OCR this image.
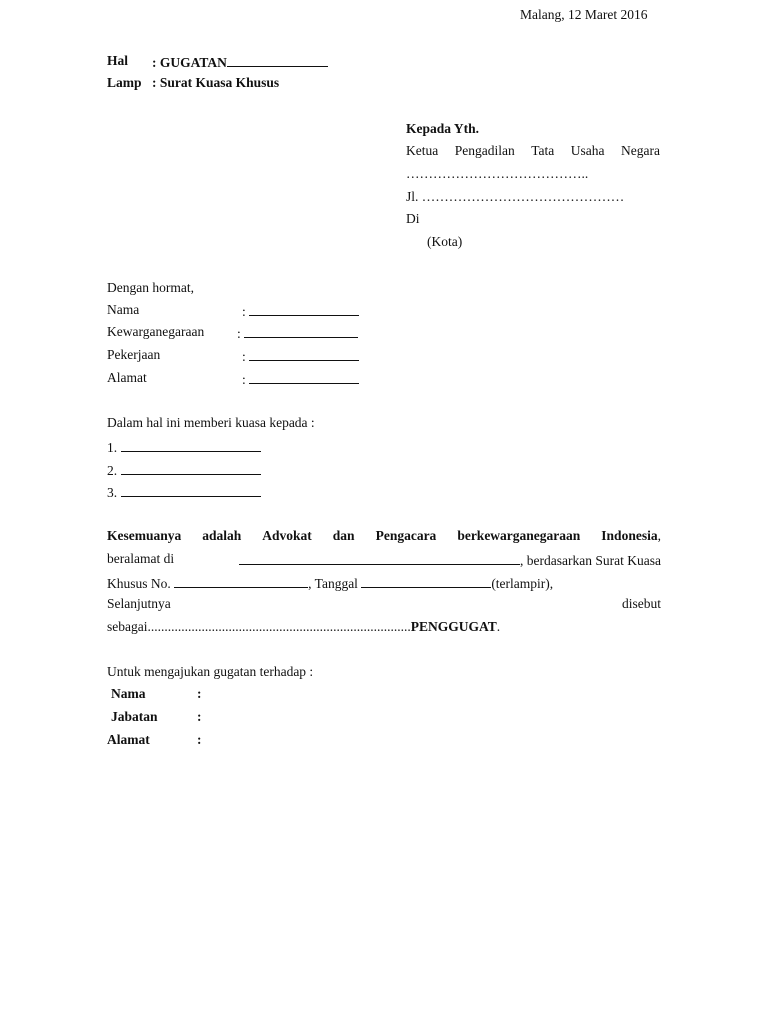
Malang, 12 Maret 2016
Hal : GUGATAN
Lamp : Surat Kuasa Khusus
Kepada Yth.
Ketua Pengadilan Tata Usaha Negara
…………………………………..
Jl. ………………………………………
Di
(Kota)
Dengan hormat,
Nama	:
Kewarganegaraan :
Pekerjaan	:
Alamat	:
Dalam hal ini memberi kuasa kepada :
1.
2.
3.
Kesemuanya adalah Advokat dan Pengacara berkewarganegaraan Indonesia,
beralamat di	, berdasarkan Surat Kuasa
Khusus No.	, Tanggal	(terlampir),
Selanjutnya	disebut
sebagai..............................................................................PENGGUGAT.
Untuk mengajukan gugatan terhadap :
Nama	:
Jabatan	:
Alamat	:
